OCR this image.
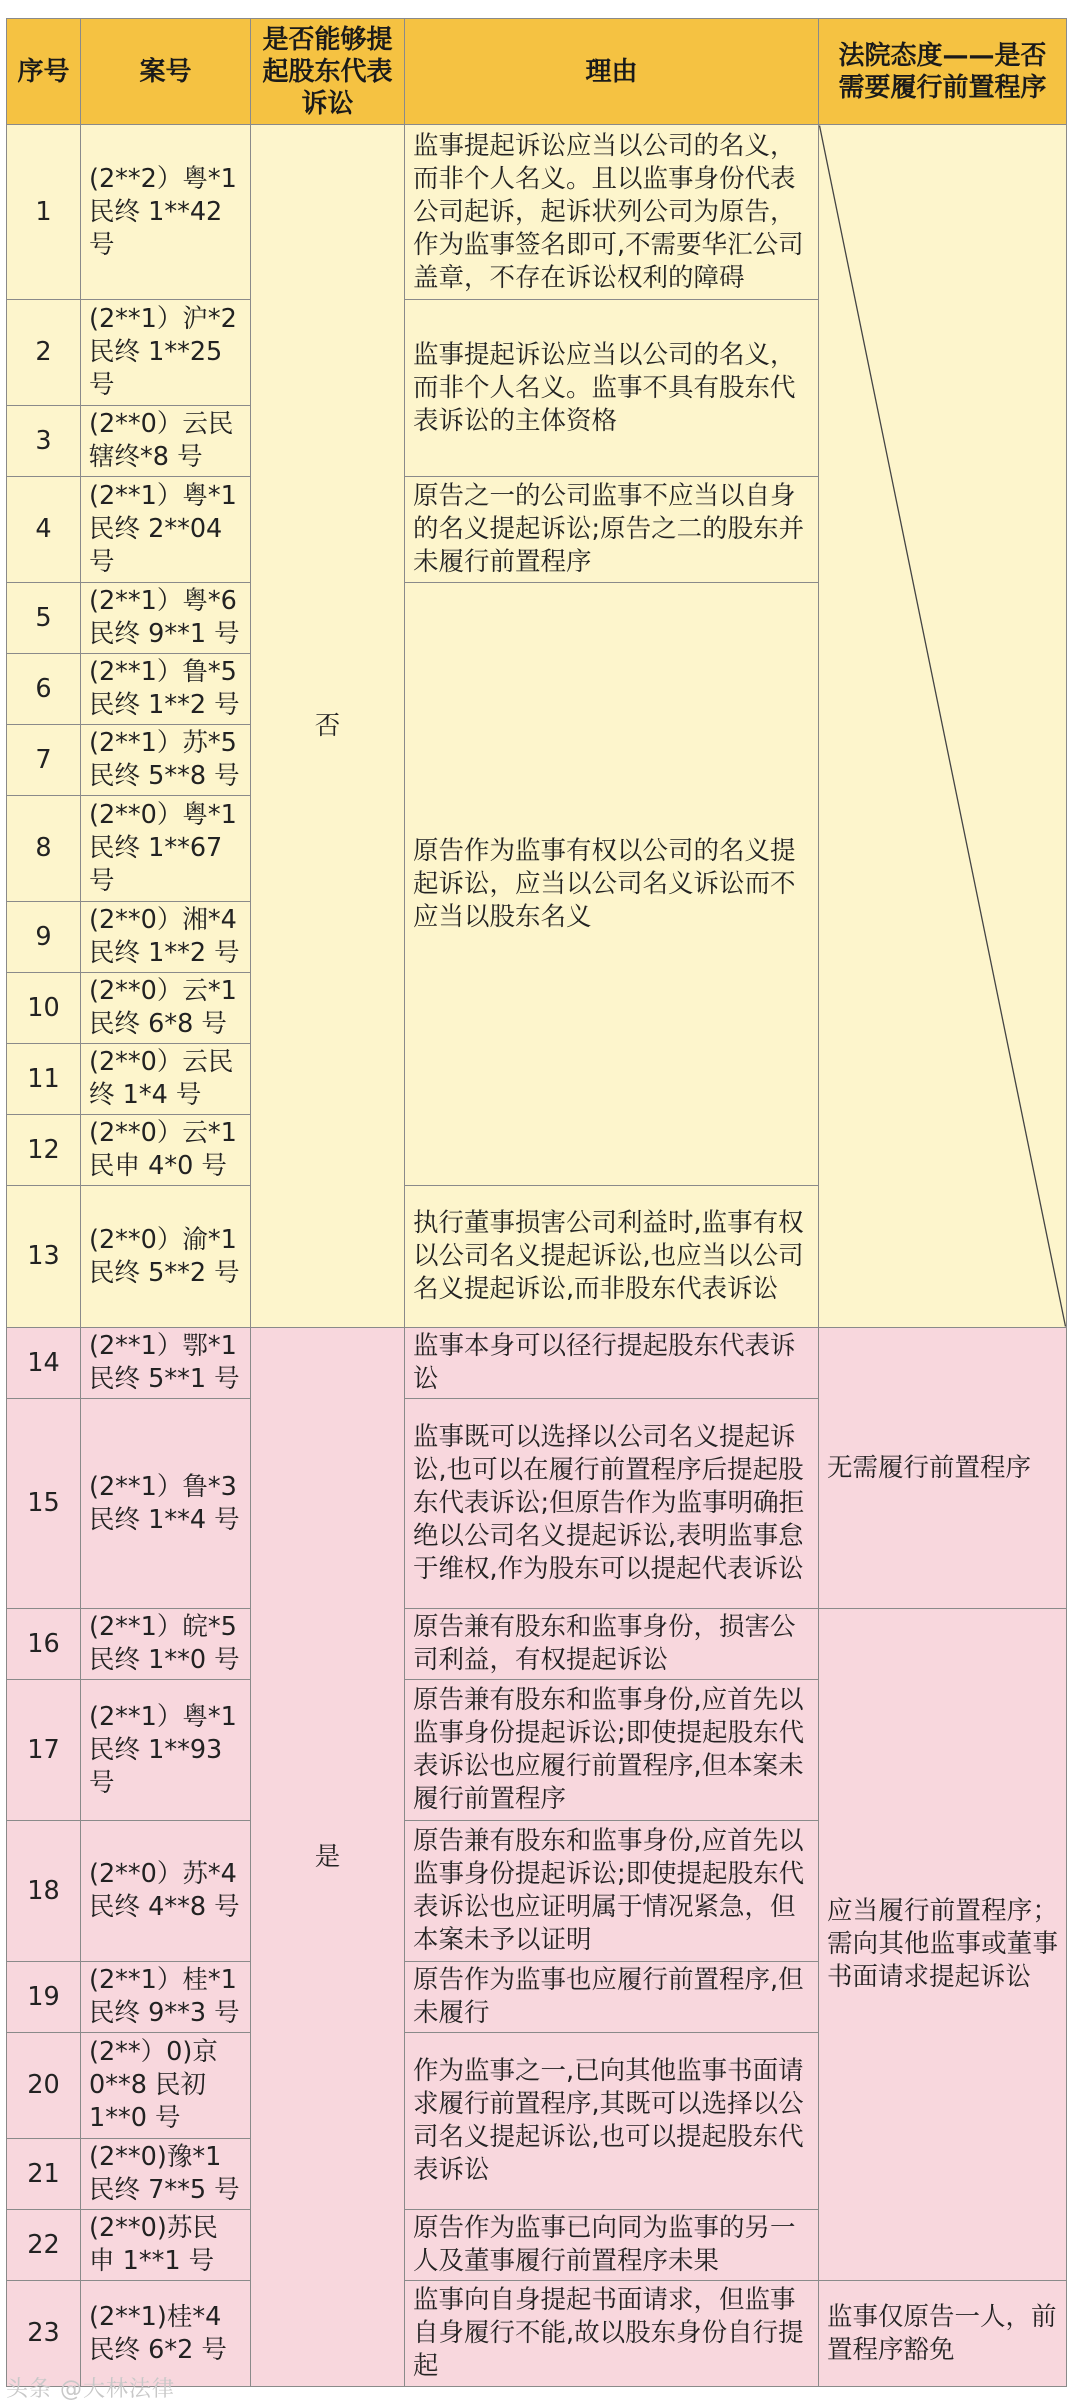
序号	案号	是否能够提起股东代表诉讼	理由	法院态度——是否需要履行前置程序
1	(2**2）粤*1民终 1**42号	否	监事提起诉讼应当以公司的名义，而非个人名义。且以监事身份代表公司起诉，起诉状列公司为原告，作为监事签名即可,不需要华汇公司盖章，不存在诉讼权利的障碍	
2	(2**1）沪*2民终 1**25号		监事提起诉讼应当以公司的名义，而非个人名义。监事不具有股东代表诉讼的主体资格	
3	(2**0）云民辖终*8 号			
4	(2**1）粤*1民终 2**04号		原告之一的公司监事不应当以自身的名义提起诉讼;原告之二的股东并未履行前置程序	
5	(2**1）粤*6民终 9**1 号		原告作为监事有权以公司的名义提起诉讼，应当以公司名义诉讼而不应当以股东名义	
6	(2**1）鲁*5民终 1**2 号			
7	(2**1）苏*5民终 5**8 号			
8	(2**0）粤*1民终 1**67号			
9	(2**0）湘*4民终 1**2 号			
10	(2**0）云*1民终 6*8 号			
11	(2**0）云民终 1*4 号			
12	(2**0）云*1民申 4*0 号			
13	(2**0）渝*1民终 5**2 号		执行董事损害公司利益时,监事有权以公司名义提起诉讼,也应当以公司名义提起诉讼,而非股东代表诉讼	
14	(2**1）鄂*1民终 5**1 号	是	监事本身可以径行提起股东代表诉讼	无需履行前置程序
15	(2**1）鲁*3民终 1**4 号		监事既可以选择以公司名义提起诉讼,也可以在履行前置程序后提起股东代表诉讼;但原告作为监事明确拒绝以公司名义提起诉讼,表明监事怠于维权,作为股东可以提起代表诉讼	
16	(2**1）皖*5民终 1**0 号		原告兼有股东和监事身份，损害公司利益，有权提起诉讼	应当履行前置程序；需向其他监事或董事书面请求提起诉讼
17	(2**1）粤*1民终 1**93号		原告兼有股东和监事身份,应首先以监事身份提起诉讼;即使提起股东代表诉讼也应履行前置程序,但本案未履行前置程序	
18	(2**0）苏*4民终 4**8 号		原告兼有股东和监事身份,应首先以监事身份提起诉讼;即使提起股东代表诉讼也应证明属于情况紧急，但本案未予以证明	
19	(2**1）桂*1民终 9**3 号		原告作为监事也应履行前置程序,但未履行	
20	(2**）0)京0**8 民初1**0 号		作为监事之一,已向其他监事书面请求履行前置程序,其既可以选择以公司名义提起诉讼,也可以提起股东代表诉讼	
21	(2**0)豫*1民终 7**5 号			
22	(2**0)苏民申 1**1 号		原告作为监事已向同为监事的另一人及董事履行前置程序未果	
23	(2**1)桂*4民终 6*2 号		监事向自身提起书面请求，但监事自身履行不能,故以股东身份自行提起	监事仅原告一人，前置程序豁免
头条 @大林法律
